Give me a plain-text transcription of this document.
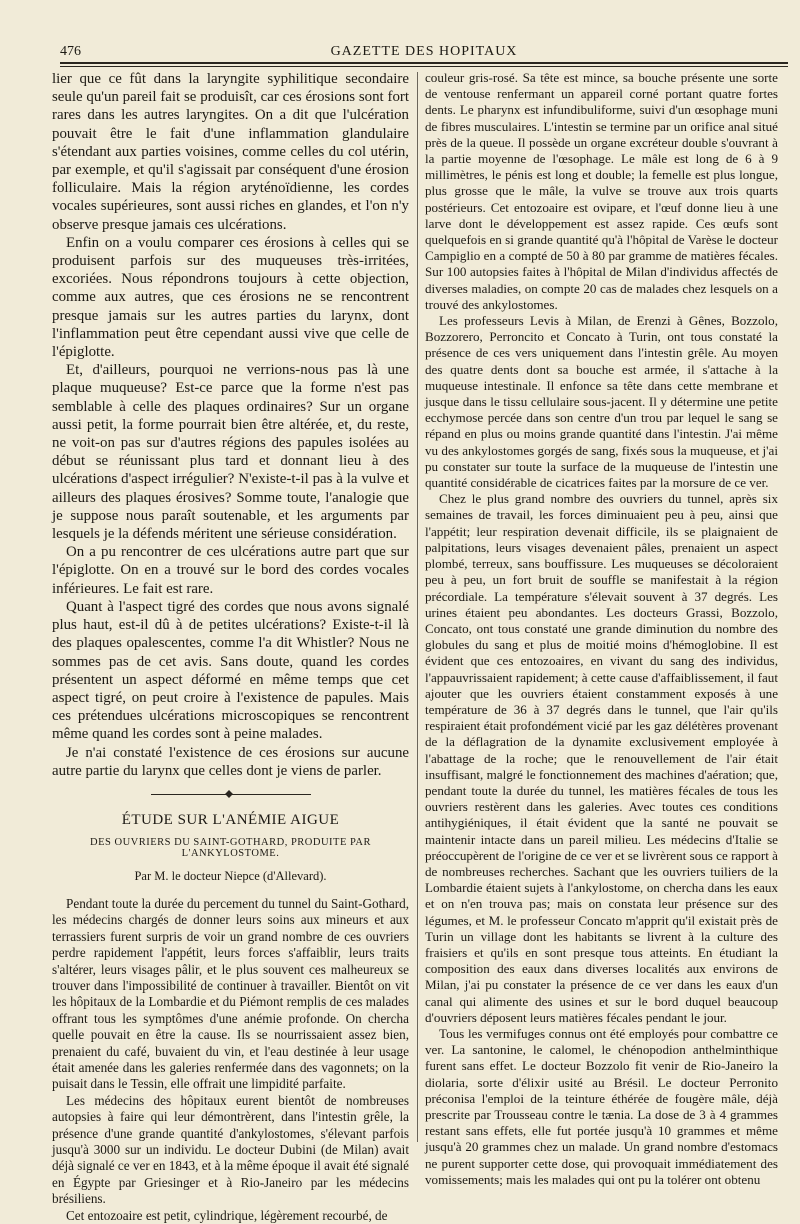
476	GAZETTE DES HOPITAUX

lier que ce fût dans la laryngite syphilitique secondaire seule qu'un pareil fait se produisît, car ces érosions sont fort rares dans les autres laryngites. On a dit que l'ulcération pouvait être le fait d'une inflammation glandulaire s'étendant aux parties voisines, comme celles du col utérin, par exemple, et qu'il s'agissait par conséquent d'une érosion folliculaire. Mais la région aryténoïdienne, les cordes vocales supérieures, sont aussi riches en glandes, et l'on n'y observe presque jamais ces ulcérations.

Enfin on a voulu comparer ces érosions à celles qui se produisent parfois sur des muqueuses très-irritées, excoriées. Nous répondrons toujours à cette objection, comme aux autres, que ces érosions ne se rencontrent presque jamais sur les autres parties du larynx, dont l'inflammation peut être cependant aussi vive que celle de l'épiglotte.

Et, d'ailleurs, pourquoi ne verrions-nous pas là une plaque muqueuse? Est-ce parce que la forme n'est pas semblable à celle des plaques ordinaires? Sur un organe aussi petit, la forme pourrait bien être altérée, et, du reste, ne voit-on pas sur d'autres régions des papules isolées au début se réunissant plus tard et donnant lieu à des ulcérations d'aspect irrégulier? N'existe-t-il pas à la vulve et ailleurs des plaques érosives? Somme toute, l'analogie que je suppose nous paraît soutenable, et les arguments par lesquels je la défends méritent une sérieuse considération.

On a pu rencontrer de ces ulcérations autre part que sur l'épiglotte. On en a trouvé sur le bord des cordes vocales inférieures. Le fait est rare.

Quant à l'aspect tigré des cordes que nous avons signalé plus haut, est-il dû à de petites ulcérations? Existe-t-il là des plaques opalescentes, comme l'a dit Whistler? Nous ne sommes pas de cet avis. Sans doute, quand les cordes présentent un aspect déformé en même temps que cet aspect tigré, on peut croire à l'existence de papules. Mais ces prétendues ulcérations microscopiques se rencontrent même quand les cordes sont à peine malades.

Je n'ai constaté l'existence de ces érosions sur aucune autre partie du larynx que celles dont je viens de parler.

ÉTUDE SUR L'ANÉMIE AIGUE
DES OUVRIERS DU SAINT-GOTHARD, PRODUITE PAR L'ANKYLOSTOME.
Par M. le docteur Niepce (d'Allevard).

Pendant toute la durée du percement du tunnel du Saint-Gothard, les médecins chargés de donner leurs soins aux mineurs et aux terrassiers furent surpris de voir un grand nombre de ces ouvriers perdre rapidement l'appétit, leurs forces s'affaiblir, leurs traits s'altérer, leurs visages pâlir, et le plus souvent ces malheureux se trouver dans l'impossibilité de continuer à travailler. Bientôt on vit les hôpitaux de la Lombardie et du Piémont remplis de ces malades offrant tous les symptômes d'une anémie profonde. On chercha quelle pouvait en être la cause. Ils se nourrissaient assez bien, prenaient du café, buvaient du vin, et l'eau destinée à leur usage était amenée dans les galeries renfermée dans des vagonnets; on la puisait dans le Tessin, elle offrait une limpidité parfaite.

Les médecins des hôpitaux eurent bientôt de nombreuses autopsies à faire qui leur démontrèrent, dans l'intestin grêle, la présence d'une grande quantité d'ankylostomes, s'élevant parfois jusqu'à 3000 sur un individu. Le docteur Dubini (de Milan) avait déjà signalé ce ver en 1843, et à la même époque il avait été signalé en Égypte par Griesinger et à Rio-Janeiro par les médecins brésiliens.

Cet entozoaire est petit, cylindrique, légèrement recourbé, de

couleur gris-rosé. Sa tête est mince, sa bouche présente une sorte de ventouse renfermant un appareil corné portant quatre fortes dents. Le pharynx est infundibuliforme, suivi d'un œsophage muni de fibres musculaires. L'intestin se termine par un orifice anal situé près de la queue. Il possède un organe excréteur double s'ouvrant à la partie moyenne de l'œsophage. Le mâle est long de 6 à 9 millimètres, le pénis est long et double; la femelle est plus longue, plus grosse que le mâle, la vulve se trouve aux trois quarts postérieurs. Cet entozoaire est ovipare, et l'œuf donne lieu à une larve dont le développement est assez rapide. Ces œufs sont quelquefois en si grande quantité qu'à l'hôpital de Varèse le docteur Campiglio en a compté de 50 à 80 par gramme de matières fécales. Sur 100 autopsies faites à l'hôpital de Milan d'individus affectés de diverses maladies, on compte 20 cas de malades chez lesquels on a trouvé des ankylostomes.

Les professeurs Levis à Milan, de Erenzi à Gênes, Bozzolo, Bozzorero, Perroncito et Concato à Turin, ont tous constaté la présence de ces vers uniquement dans l'intestin grêle. Au moyen des quatre dents dont sa bouche est armée, il s'attache à la muqueuse intestinale. Il enfonce sa tête dans cette membrane et jusque dans le tissu cellulaire sous-jacent. Il y détermine une petite ecchymose percée dans son centre d'un trou par lequel le sang se répand en plus ou moins grande quantité dans l'intestin. J'ai même vu des ankylostomes gorgés de sang, fixés sous la muqueuse, et j'ai pu constater sur toute la surface de la muqueuse de l'intestin une quantité considérable de cicatrices faites par la morsure de ce ver.

Chez le plus grand nombre des ouvriers du tunnel, après six semaines de travail, les forces diminuaient peu à peu, ainsi que l'appétit; leur respiration devenait difficile, ils se plaignaient de palpitations, leurs visages devenaient pâles, prenaient un aspect plombé, terreux, sans bouffissure. Les muqueuses se décoloraient peu à peu, un fort bruit de souffle se manifestait à la région précordiale. La température s'élevait souvent à 37 degrés. Les urines étaient peu abondantes. Les docteurs Grassi, Bozzolo, Concato, ont tous constaté une grande diminution du nombre des globules du sang et plus de moitié moins d'hémoglobine. Il est évident que ces entozoaires, en vivant du sang des individus, l'appauvrissaient rapidement; à cette cause d'affaiblissement, il faut ajouter que les ouvriers étaient constamment exposés à une température de 36 à 37 degrés dans le tunnel, que l'air qu'ils respiraient était profondément vicié par les gaz délétères provenant de la déflagration de la dynamite exclusivement employée à l'abattage de la roche; que le renouvellement de l'air était insuffisant, malgré le fonctionnement des machines d'aération; que, pendant toute la durée du tunnel, les matières fécales de tous les ouvriers restèrent dans les galeries. Avec toutes ces conditions antihygiéniques, il était évident que la santé ne pouvait se maintenir intacte dans un pareil milieu. Les médecins d'Italie se préoccupèrent de l'origine de ce ver et se livrèrent sous ce rapport à de nombreuses recherches. Sachant que les ouvriers tuiliers de la Lombardie étaient sujets à l'ankylostome, on chercha dans les eaux et on n'en trouva pas; mais on constata leur présence sur des légumes, et M. le professeur Concato m'apprit qu'il existait près de Turin un village dont les habitants se livrent à la culture des fraisiers et qu'ils en sont presque tous atteints. En étudiant la composition des eaux dans diverses localités aux environs de Milan, j'ai pu constater la présence de ce ver dans les eaux d'un canal qui alimente des usines et sur le bord duquel beaucoup d'ouvriers déposent leurs matières fécales pendant le jour.

Tous les vermifuges connus ont été employés pour combattre ce ver. La santonine, le calomel, le chénopodion anthelminthique furent sans effet. Le docteur Bozzolo fit venir de Rio-Janeiro la diolaria, sorte d'élixir usité au Brésil. Le docteur Perronito préconisa l'emploi de la teinture éthérée de fougère mâle, déjà prescrite par Trousseau contre le tænia. La dose de 3 à 4 grammes restant sans effets, elle fut portée jusqu'à 10 grammes et même jusqu'à 20 grammes chez un malade. Un grand nombre d'estomacs ne purent supporter cette dose, qui provoquait immédiatement des vomissements; mais les malades qui ont pu la tolérer ont obtenu
